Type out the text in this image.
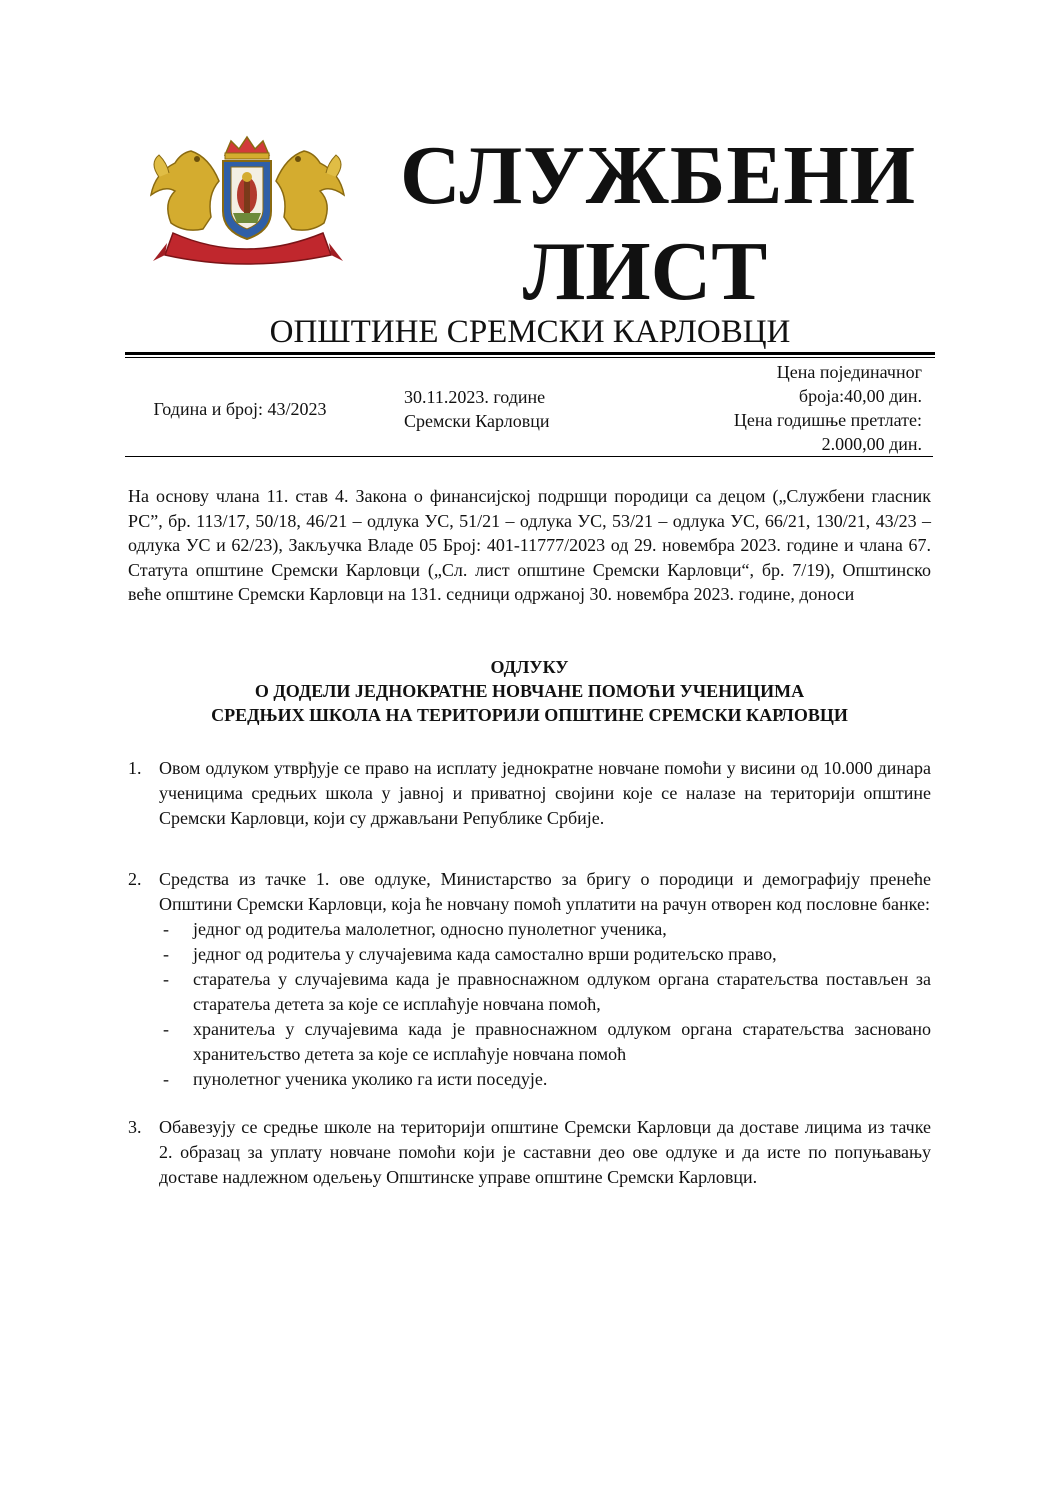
СЛУЖБЕНИ
ЛИСТ
ОПШТИНЕ СРЕМСКИ КАРЛОВЦИ
Година и број: 43/2023
30.11.2023. године
Сремски Карловци
Цена појединачног
броја:40,00 дин.
Цена годишње претлате:
2.000,00 дин.
На основу члана 11. став 4. Закона о финансијској подршци породици са децом („Службени гласник РС”, бр. 113/17, 50/18, 46/21 – одлука УС, 51/21 – одлука УС, 53/21 – одлука УС, 66/21, 130/21, 43/23 – одлука УС и 62/23), Закључка Владе 05 Број: 401-11777/2023 од 29. новембра 2023. године и члана 67. Статута општине Сремски Карловци („Сл. лист општине Сремски Карловци“, бр. 7/19), Општинско веће општине Сремски Карловци на 131. седници одржаној 30. новембра 2023. године, доноси
ОДЛУКУ
О ДОДЕЛИ ЈЕДНОКРАТНЕ НОВЧАНЕ ПОМОЋИ УЧЕНИЦИМА
СРЕДЊИХ ШКОЛА НА ТЕРИТОРИЈИ ОПШТИНЕ СРЕМСКИ КАРЛОВЦИ
1. Овом одлуком утврђује се право на исплату једнократне новчане помоћи у висини од 10.000 динара ученицима средњих школа у јавној и приватној својини које се налазе на територији општине Сремски Карловци, који су држављани Републике Србије.
2. Средства из тачке 1. ове одлуке, Министарство за бригу о породици и демографију пренеће Општини Сремски Карловци, која ће новчану помоћ уплатити на рачун отворен код пословне банке:
- једног од родитеља малолетног, односно пунолетног ученика,
- једног од родитеља у случајевима када самостално врши родитељско право,
- старатеља у случајевима када је правноснажном одлуком органа старатељства постављен за старатеља детета за које се исплаћује новчана помоћ,
- хранитеља у случајевима када је правноснажном одлуком органа старатељства засновано хранитељство детета за које се исплаћује новчана помоћ
- пунолетног ученика уколико га исти поседује.
3. Обавезују се средње школе на територији општине Сремски Карловци да доставе лицима из тачке 2. образац за уплату новчане помоћи који је саставни део ове одлуке и да исте по попуњавању доставе надлежном одељењу Општинске управе општине Сремски Карловци.
